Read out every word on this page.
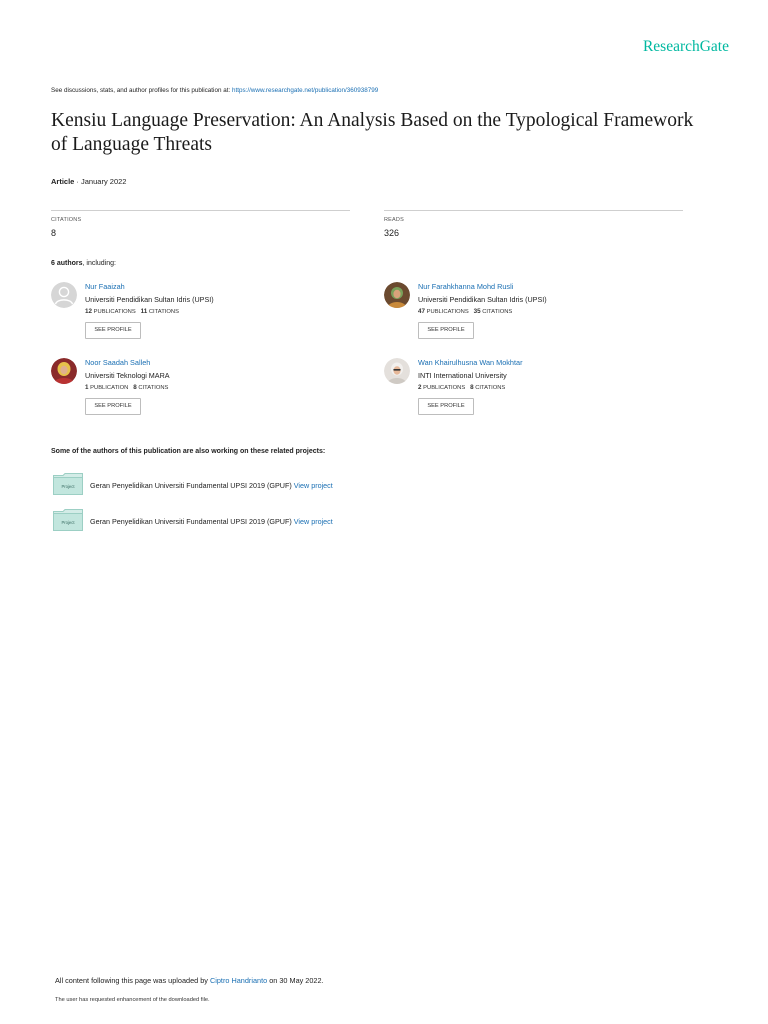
ResearchGate
See discussions, stats, and author profiles for this publication at: https://www.researchgate.net/publication/360938799
Kensiu Language Preservation: An Analysis Based on the Typological Framework of Language Threats
Article · January 2022
CITATIONS
8
READS
326
6 authors, including:
Nur Faaizah
Universiti Pendidikan Sultan Idris (UPSI)
12 PUBLICATIONS 11 CITATIONS
SEE PROFILE
Nur Farahkhanna Mohd Rusli
Universiti Pendidikan Sultan Idris (UPSI)
47 PUBLICATIONS 35 CITATIONS
SEE PROFILE
Noor Saadah Salleh
Universiti Teknologi MARA
1 PUBLICATION 8 CITATIONS
SEE PROFILE
Wan Khairulhusna Wan Mokhtar
INTI International University
2 PUBLICATIONS 8 CITATIONS
SEE PROFILE
Some of the authors of this publication are also working on these related projects:
Project Geran Penyelidikan Universiti Fundamental UPSI 2019 (GPUF) View project
Project Geran Penyelidikan Universiti Fundamental UPSI 2019 (GPUF) View project
All content following this page was uploaded by Ciptro Handrianto on 30 May 2022.
The user has requested enhancement of the downloaded file.
